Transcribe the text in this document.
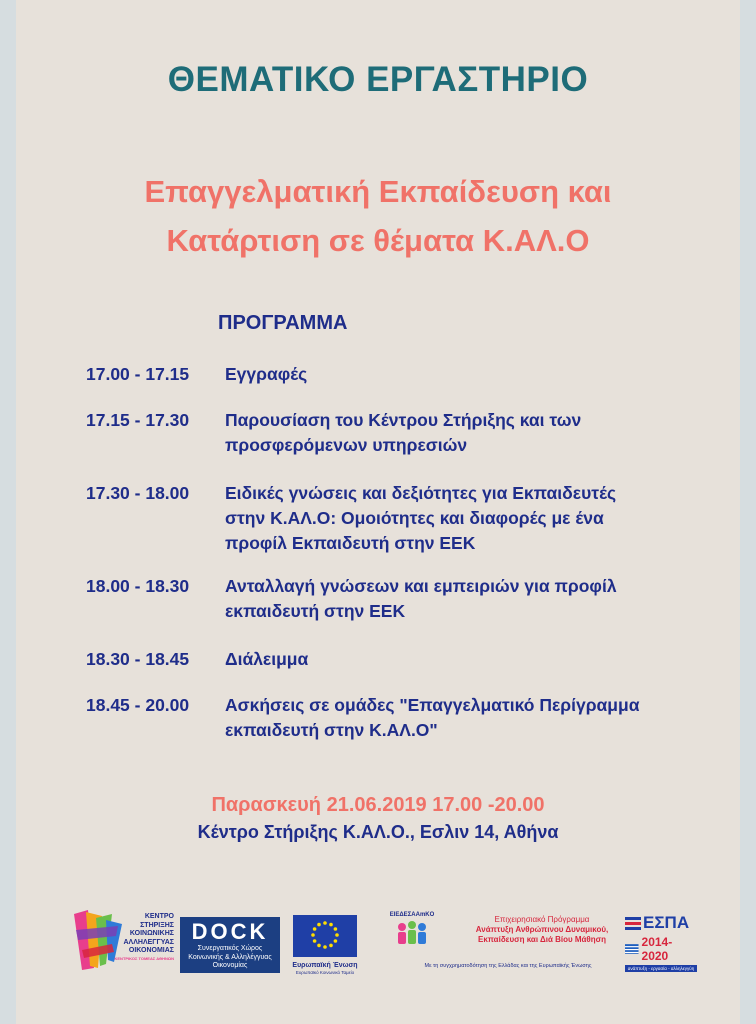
ΘΕΜΑΤΙΚΟ ΕΡΓΑΣΤΗΡΙΟ
Επαγγελματική Εκπαίδευση και
Κατάρτιση σε θέματα Κ.ΑΛ.Ο
ΠΡΟΓΡΑΜΜΑ
17.00 - 17.15	Εγγραφές
17.15 - 17.30	Παρουσίαση του Κέντρου Στήριξης και των
προσφερόμενων υπηρεσιών
17.30 - 18.00	Ειδικές γνώσεις και δεξιότητες για Εκπαιδευτές
στην Κ.ΑΛ.Ο: Ομοιότητες και διαφορές με ένα
προφίλ Εκπαιδευτή στην ΕΕΚ
18.00 - 18.30	Ανταλλαγή γνώσεων και εμπειριών για προφίλ
εκπαιδευτή στην ΕΕΚ
18.30 - 18.45	Διάλειμμα
18.45 - 20.00	Ασκήσεις σε ομάδες "Επαγγελματικό Περίγραμμα
εκπαιδευτή στην Κ.ΑΛ.Ο"
Παρασκευή 21.06.2019 17.00 -20.00
Κέντρο Στήριξης Κ.ΑΛ.Ο., Εσλιν 14, Αθήνα
ΚΕΝΤΡΟ
ΣΤΗΡΙΞΗΣ
ΚΟΙΝΩΝΙΚΗΣ
ΑΛΛΗΛΕΓΓΥΑΣ
ΟΙΚΟΝΟΜΙΑΣ
ΚΕΝΤΡΙΚΟΣ ΤΟΜΕΑΣ ΑΘΗΝΩΝ
DOCK
Συνεργατικός Χώρος
Κοινωνικής & Αλληλέγγυας
Οικονομίας	Ευρωπαϊκή Ένωση
Ευρωπαϊκό Κοινωνικό Ταμείο
ΕΙΕΔΕΣΑΑmKO	Επιχειρησιακό Πρόγραμμα
Ανάπτυξη Ανθρώπινου Δυναμικού,
Εκπαίδευση και Διά Βίου Μάθηση
Με τη συγχρηματοδότηση της Ελλάδας και της Ευρωπαϊκής Ένωσης
ΕΣΠΑ
2014-2020
ανάπτυξη - εργασία - αλληλεγγύη
